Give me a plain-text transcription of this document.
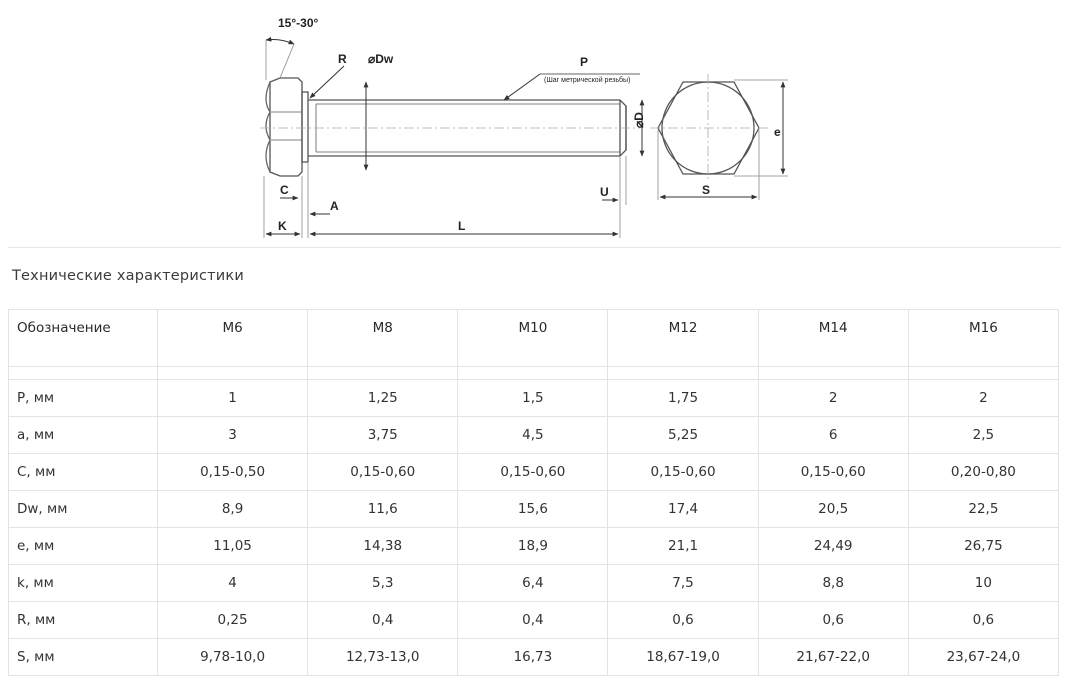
15°-30°
R ⌀Dw	P
(Шаг метрической резьбы)
⌀D
e
C
A
U	S
K	L
Технические характеристики
Обозначение	M6	M8	M10	M12	M14	M16

P, мм	1	1,25	1,5	1,75	2	2
a, мм	3	3,75	4,5	5,25	6	2,5
C, мм	0,15-0,50	0,15-0,60	0,15-0,60	0,15-0,60	0,15-0,60	0,20-0,80
Dw, мм	8,9	11,6	15,6	17,4	20,5	22,5
e, мм	11,05	14,38	18,9	21,1	24,49	26,75
k, мм	4	5,3	6,4	7,5	8,8	10
R, мм	0,25	0,4	0,4	0,6	0,6	0,6
S, мм	9,78-10,0	12,73-13,0	16,73	18,67-19,0	21,67-22,0	23,67-24,0
